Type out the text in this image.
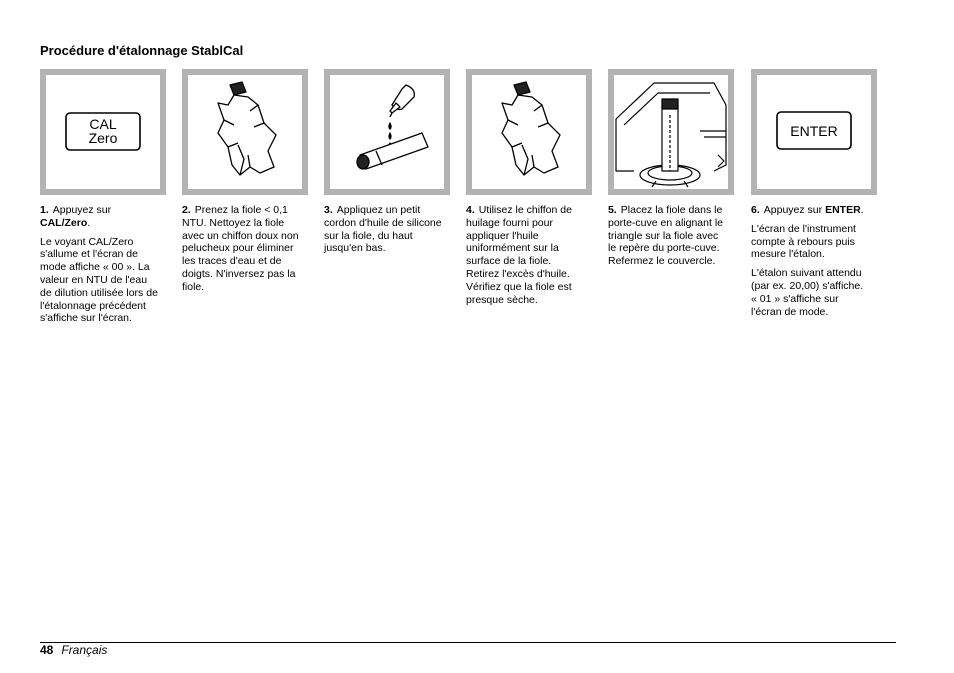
Procédure d'étalonnage StablCal
CAL
Zero

1. Appuyez sur CAL/Zero.

Le voyant CAL/Zero s'allume et l'écran de mode affiche « 00 ». La valeur en NTU de l'eau de dilution utilisée lors de l'étalonnage précédent s'affiche sur l'écran.

2. Prenez la fiole < 0,1 NTU. Nettoyez la fiole avec un chiffon doux non pelucheux pour éliminer les traces d'eau et de doigts. N'inversez pas la fiole.

3. Appliquez un petit cordon d'huile de silicone sur la fiole, du haut jusqu'en bas.

4. Utilisez le chiffon de huilage fourni pour appliquer l'huile uniformément sur la surface de la fiole. Retirez l'excès d'huile. Vérifiez que la fiole est presque sèche.

5. Placez la fiole dans le porte-cuve en alignant le triangle sur la fiole avec le repère du porte-cuve. Refermez le couvercle.

ENTER

6. Appuyez sur ENTER.

L'écran de l'instrument compte à rebours puis mesure l'étalon.

L'étalon suivant attendu (par ex. 20,00) s'affiche. « 01 » s'affiche sur l'écran de mode.

48 Français
